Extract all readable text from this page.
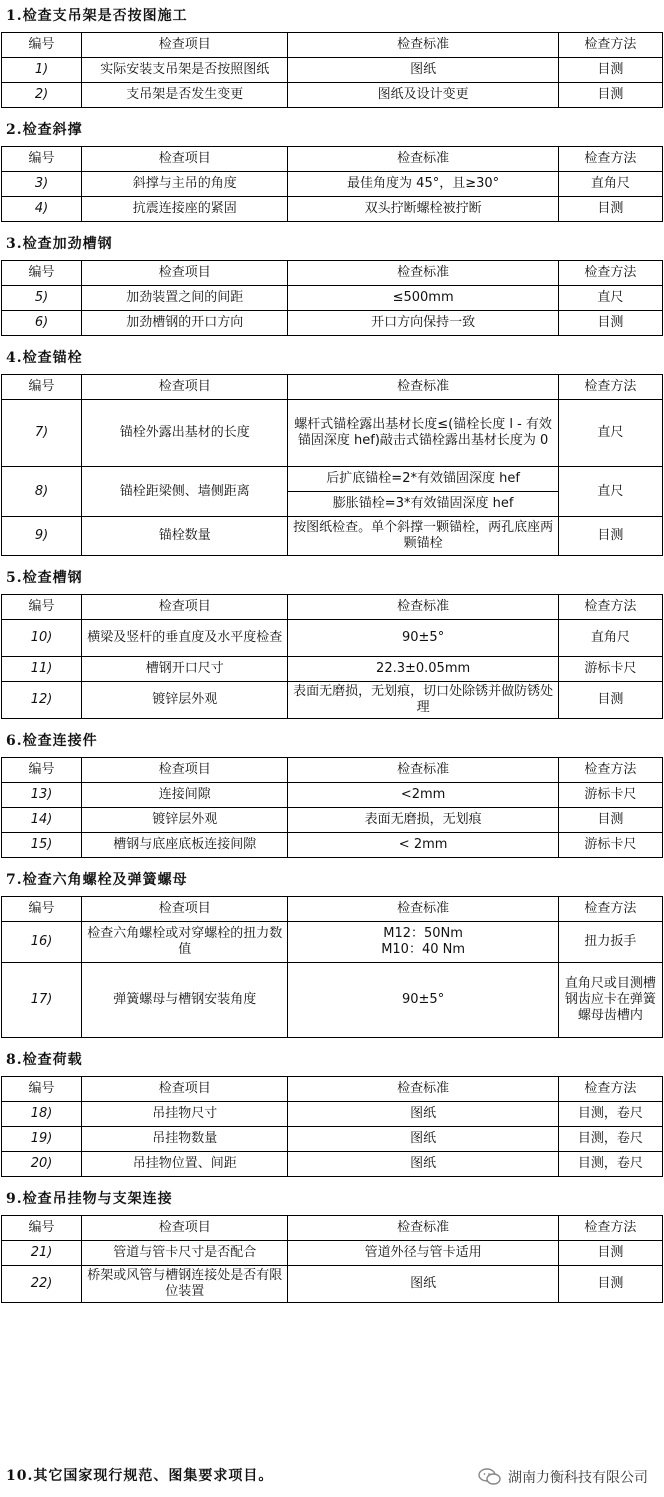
1.检查支吊架是否按图施工
编号	检查项目	检查标准	检查方法
1)	实际安装支吊架是否按照图纸	图纸	目测
2)	支吊架是否发生变更	图纸及设计变更	目测
2.检查斜撑
编号	检查项目	检查标准	检查方法
3)	斜撑与主吊的角度	最佳角度为 45°，且≥30°	直角尺
4)	抗震连接座的紧固	双头拧断螺栓被拧断	目测
3.检查加劲槽钢
编号	检查项目	检查标准	检查方法
5)	加劲装置之间的间距	≤500mm	直尺
6)	加劲槽钢的开口方向	开口方向保持一致	目测
4.检查锚栓
编号	检查项目	检查标准	检查方法
7)	锚栓外露出基材的长度	螺杆式锚栓露出基材长度≤(锚栓长度 l - 有效锚固深度 hef)敲击式锚栓露出基材长度为 0	直尺
8)	锚栓距梁侧、墙侧距离	后扩底锚栓=2*有效锚固深度 hef	直尺
		膨胀锚栓=3*有效锚固深度 hef	
9)	锚栓数量	按图纸检查。单个斜撑一颗锚栓，两孔底座两颗锚栓	目测
5.检查槽钢
编号	检查项目	检查标准	检查方法
10)	横梁及竖杆的垂直度及水平度检查	90±5°	直角尺
11)	槽钢开口尺寸	22.3±0.05mm	游标卡尺
12)	镀锌层外观	表面无磨损，无划痕，切口处除锈并做防锈处理	目测
6.检查连接件
编号	检查项目	检查标准	检查方法
13)	连接间隙	<2mm	游标卡尺
14)	镀锌层外观	表面无磨损，无划痕	目测
15)	槽钢与底座底板连接间隙	< 2mm	游标卡尺
7.检查六角螺栓及弹簧螺母
编号	检查项目	检查标准	检查方法
16)	检查六角螺栓或对穿螺栓的扭力数值	M12：50Nm
M10：40 Nm	扭力扳手
17)	弹簧螺母与槽钢安装角度	90±5°	直角尺或目测槽钢齿应卡在弹簧螺母齿槽内
8.检查荷载
编号	检查项目	检查标准	检查方法
18)	吊挂物尺寸	图纸	目测，卷尺
19)	吊挂物数量	图纸	目测，卷尺
20)	吊挂物位置、间距	图纸	目测，卷尺
9.检查吊挂物与支架连接
编号	检查项目	检查标准	检查方法
21)	管道与管卡尺寸是否配合	管道外径与管卡适用	目测
22)	桥架或风管与槽钢连接处是否有限位装置	图纸	目测
10.其它国家现行规范、图集要求项目。	湖南力衡科技有限公司
